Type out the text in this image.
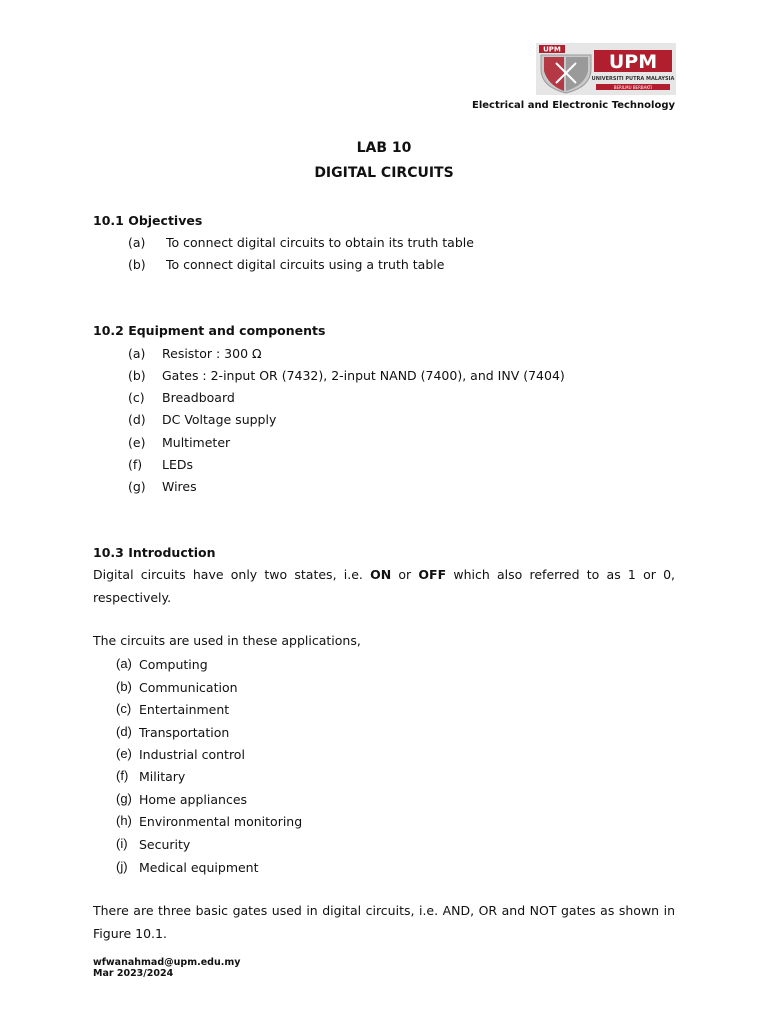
UPM
UPM
UNIVERSITI PUTRA MALAYSIA
BERILMU BERBAKTI
Electrical and Electronic Technology
LAB 10
DIGITAL CIRCUITS
10.1 Objectives
(a) To connect digital circuits to obtain its truth table
(b) To connect digital circuits using a truth table
10.2 Equipment and components
(a) Resistor : 300 Ω
(b) Gates : 2-input OR (7432), 2-input NAND (7400), and INV (7404)
(c) Breadboard
(d) DC Voltage supply
(e) Multimeter
(f) LEDs
(g) Wires
10.3 Introduction
Digital circuits have only two states, i.e. ON or OFF which also referred to as 1 or 0, respectively.
The circuits are used in these applications,
(a) Computing
(b) Communication
(c) Entertainment
(d) Transportation
(e) Industrial control
(f) Military
(g) Home appliances
(h) Environmental monitoring
(i) Security
(j) Medical equipment
There are three basic gates used in digital circuits, i.e. AND, OR and NOT gates as shown in Figure 10.1.
wfwanahmad@upm.edu.my
Mar 2023/2024
